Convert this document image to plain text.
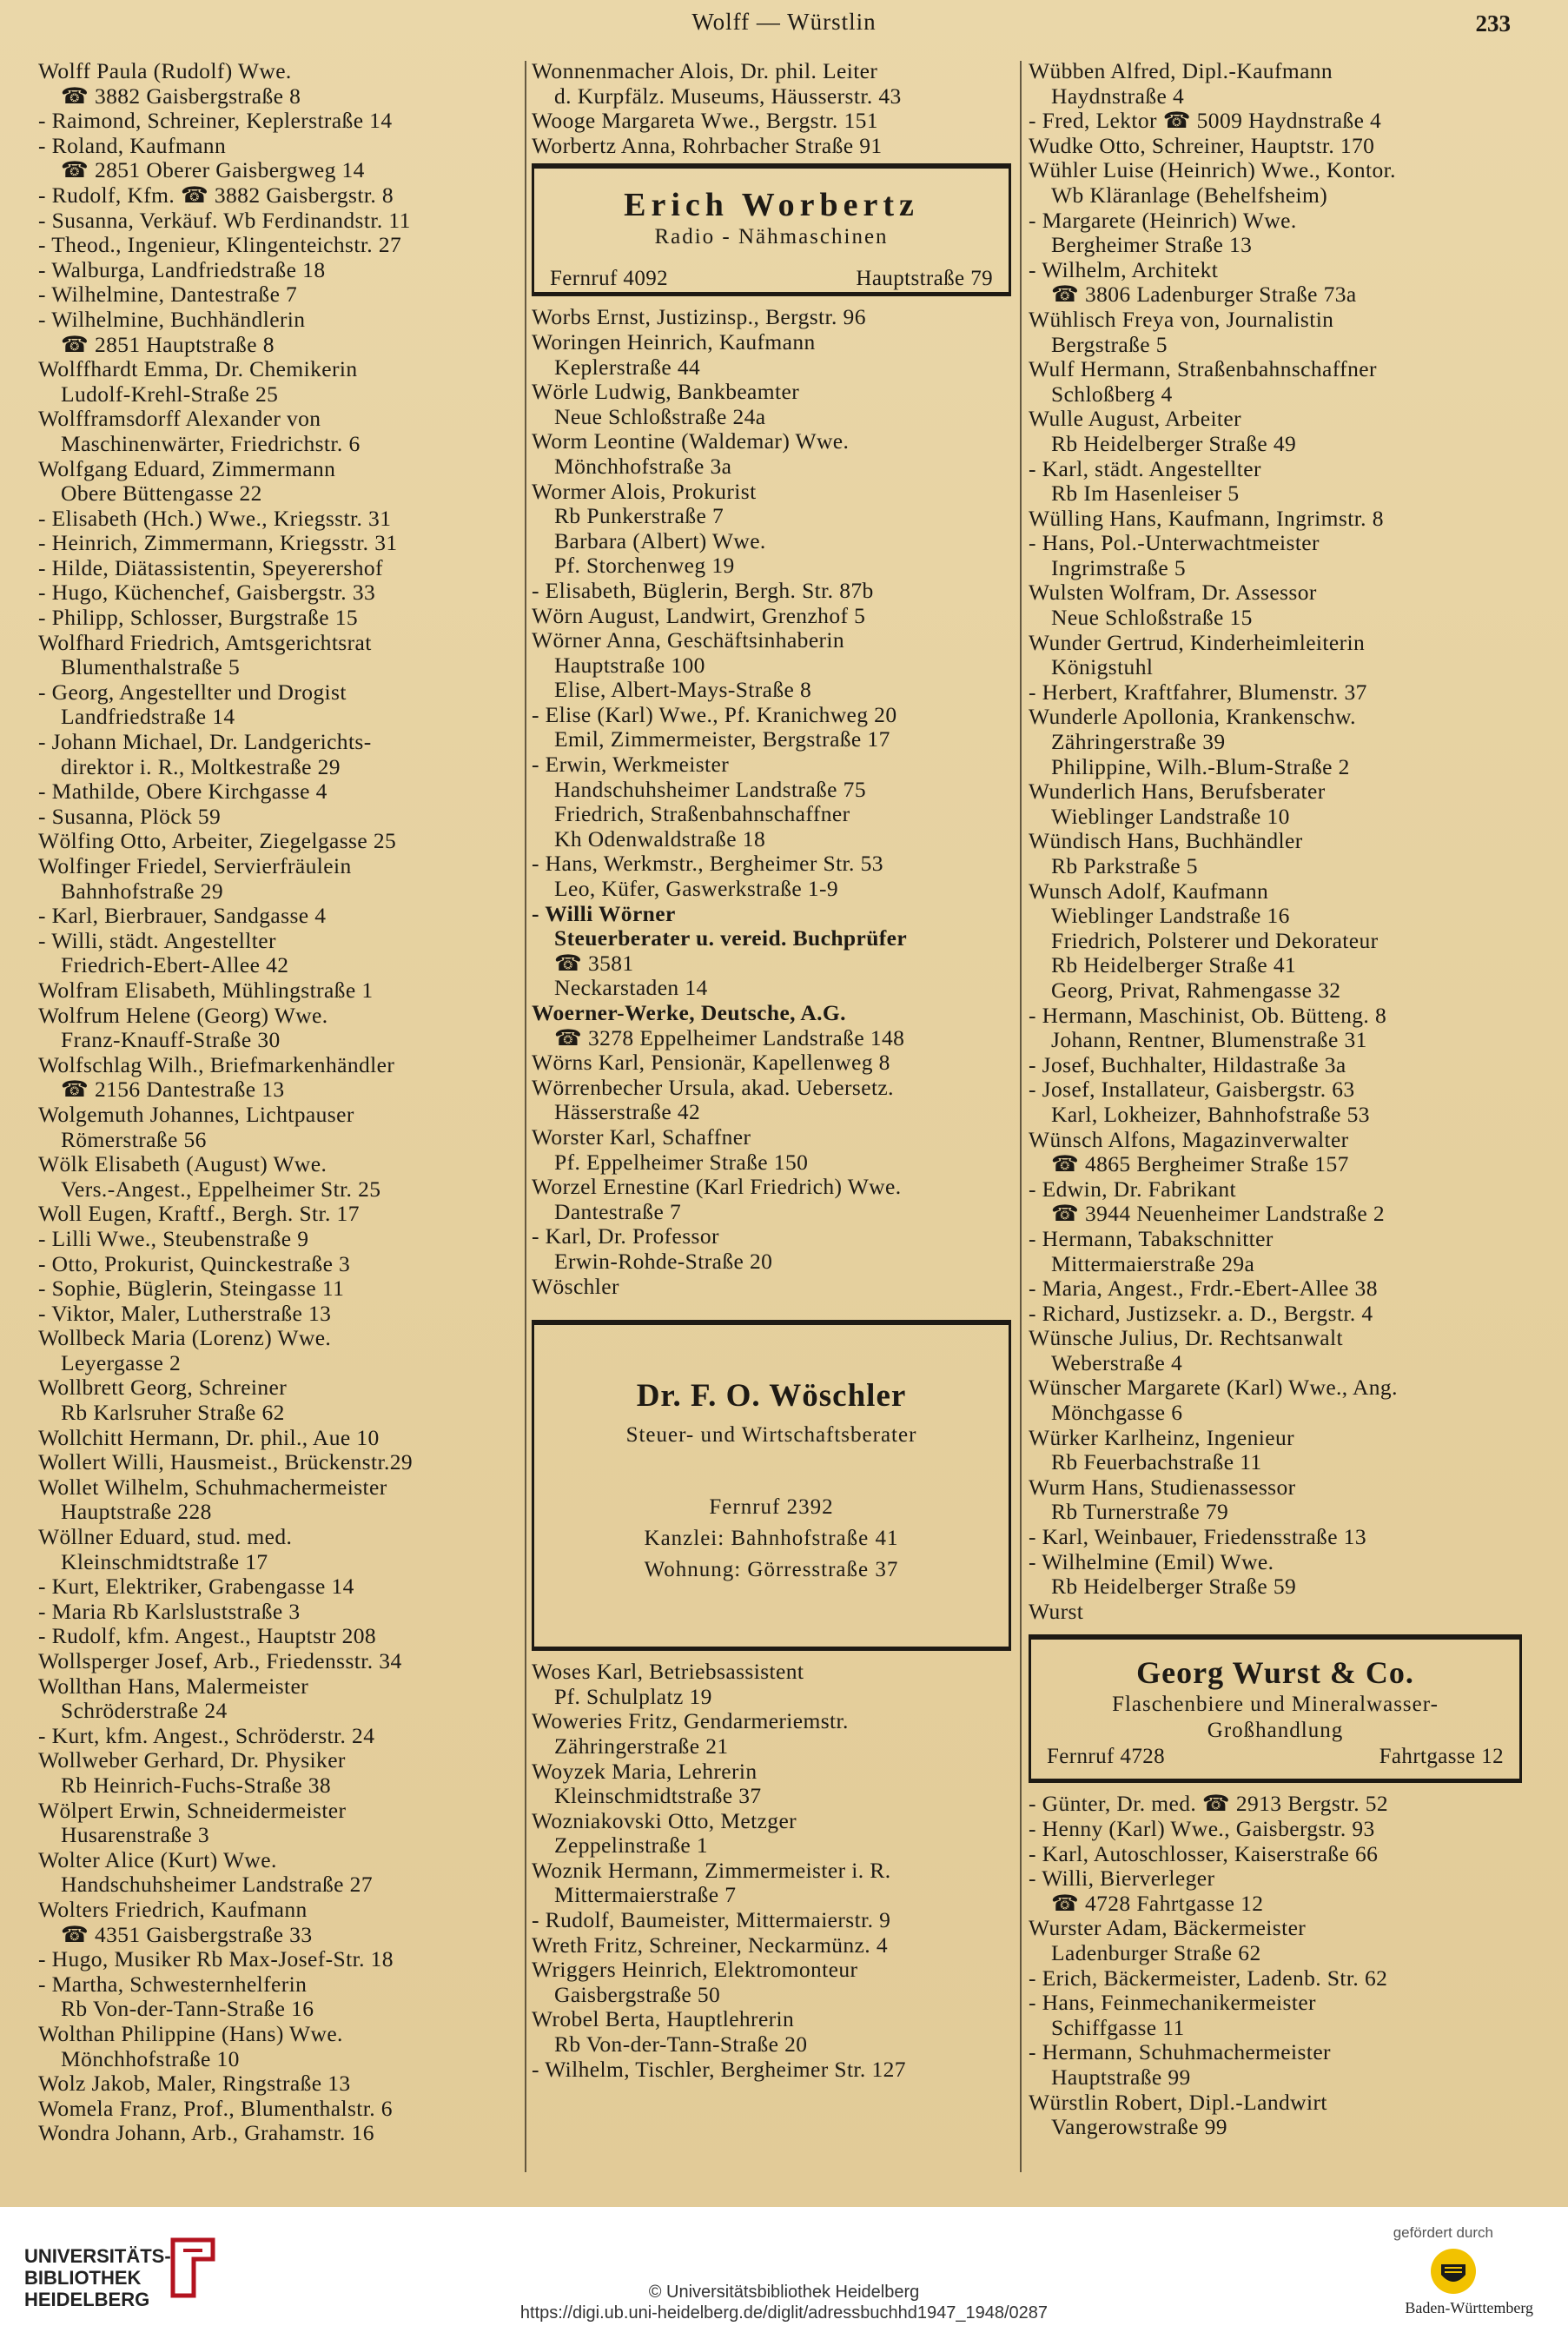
Wolff — Würstlin	233
Wolff Paula (Rudolf) Wwe.
☎ 3882 Gaisbergstraße 8
- Raimond, Schreiner, Keplerstraße 14
- Roland, Kaufmann
☎ 2851 Oberer Gaisbergweg 14
- Rudolf, Kfm. ☎ 3882 Gaisbergstr. 8
- Susanna, Verkäuf. Wb Ferdinandstr. 11
- Theod., Ingenieur, Klingenteichstr. 27
- Walburga, Landfriedstraße 18
- Wilhelmine, Dantestraße 7
- Wilhelmine, Buchhändlerin
☎ 2851 Hauptstraße 8
Wolffhardt Emma, Dr. Chemikerin
Ludolf-Krehl-Straße 25
Wolfframsdorff Alexander von
Maschinenwärter, Friedrichstr. 6
Wolfgang Eduard, Zimmermann
Obere Büttengasse 22
- Elisabeth (Hch.) Wwe., Kriegsstr. 31
- Heinrich, Zimmermann, Kriegsstr. 31
- Hilde, Diätassistentin, Speyerershof
- Hugo, Küchenchef, Gaisbergstr. 33
- Philipp, Schlosser, Burgstraße 15
Wolfhard Friedrich, Amtsgerichtsrat
Blumenthalstraße 5
- Georg, Angestellter und Drogist
Landfriedstraße 14
- Johann Michael, Dr. Landgerichts-
direktor i. R., Moltkestraße 29
- Mathilde, Obere Kirchgasse 4
- Susanna, Plöck 59
Wölfing Otto, Arbeiter, Ziegelgasse 25
Wolfinger Friedel, Servierfräulein
Bahnhofstraße 29
- Karl, Bierbrauer, Sandgasse 4
- Willi, städt. Angestellter
Friedrich-Ebert-Allee 42
Wolfram Elisabeth, Mühlingstraße 1
Wolfrum Helene (Georg) Wwe.
Franz-Knauff-Straße 30
Wolfschlag Wilh., Briefmarkenhändler
☎ 2156 Dantestraße 13
Wolgemuth Johannes, Lichtpauser
Römerstraße 56
Wölk Elisabeth (August) Wwe.
Vers.-Angest., Eppelheimer Str. 25
Woll Eugen, Kraftf., Bergh. Str. 17
- Lilli Wwe., Steubenstraße 9
- Otto, Prokurist, Quinckestraße 3
- Sophie, Büglerin, Steingasse 11
- Viktor, Maler, Lutherstraße 13
Wollbeck Maria (Lorenz) Wwe.
Leyergasse 2
Wollbrett Georg, Schreiner
Rb Karlsruher Straße 62
Wollchitt Hermann, Dr. phil., Aue 10
Wollert Willi, Hausmeist., Brückenstr.29
Wollet Wilhelm, Schuhmachermeister
Hauptstraße 228
Wöllner Eduard, stud. med.
Kleinschmidtstraße 17
- Kurt, Elektriker, Grabengasse 14
- Maria Rb Karlsluststraße 3
- Rudolf, kfm. Angest., Hauptstr 208
Wollsperger Josef, Arb., Friedensstr. 34
Wollthan Hans, Malermeister
Schröderstraße 24
- Kurt, kfm. Angest., Schröderstr. 24
Wollweber Gerhard, Dr. Physiker
Rb Heinrich-Fuchs-Straße 38
Wölpert Erwin, Schneidermeister
Husarenstraße 3
Wolter Alice (Kurt) Wwe.
Handschuhsheimer Landstraße 27
Wolters Friedrich, Kaufmann
☎ 4351 Gaisbergstraße 33
- Hugo, Musiker Rb Max-Josef-Str. 18
- Martha, Schwesternhelferin
Rb Von-der-Tann-Straße 16
Wolthan Philippine (Hans) Wwe.
Mönchhofstraße 10
Wolz Jakob, Maler, Ringstraße 13
Womela Franz, Prof., Blumenthalstr. 6
Wondra Johann, Arb., Grahamstr. 16
Wonnenmacher Alois, Dr. phil. Leiter
d. Kurpfälz. Museums, Häusserstr. 43
Wooge Margareta Wwe., Bergstr. 151
Worbertz Anna, Rohrbacher Straße 91
Erich Worbertz
Radio - Nähmaschinen
Fernruf 4092	Hauptstraße 79
Worbs Ernst, Justizinsp., Bergstr. 96
Woringen Heinrich, Kaufmann
Keplerstraße 44
Wörle Ludwig, Bankbeamter
Neue Schloßstraße 24a
Worm Leontine (Waldemar) Wwe.
Mönchhofstraße 3a
Wormer Alois, Prokurist
Rb Punkerstraße 7
Barbara (Albert) Wwe.
Pf. Storchenweg 19
- Elisabeth, Büglerin, Bergh. Str. 87b
Wörn August, Landwirt, Grenzhof 5
Wörner Anna, Geschäftsinhaberin
Hauptstraße 100
Elise, Albert-Mays-Straße 8
- Elise (Karl) Wwe., Pf. Kranichweg 20
Emil, Zimmermeister, Bergstraße 17
- Erwin, Werkmeister
Handschuhsheimer Landstraße 75
Friedrich, Straßenbahnschaffner
Kh Odenwaldstraße 18
- Hans, Werkmstr., Bergheimer Str. 53
Leo, Küfer, Gaswerkstraße 1-9
- Willi Wörner
Steuerberater u. vereid. Buchprüfer
☎ 3581
Neckarstaden 14
Woerner-Werke, Deutsche, A.G.
☎ 3278 Eppelheimer Landstraße 148
Wörns Karl, Pensionär, Kapellenweg 8
Wörrenbecher Ursula, akad. Uebersetz.
Hässerstraße 42
Worster Karl, Schaffner
Pf. Eppelheimer Straße 150
Worzel Ernestine (Karl Friedrich) Wwe.
Dantestraße 7
- Karl, Dr. Professor
Erwin-Rohde-Straße 20
Wöschler
Dr. F. O. Wöschler
Steuer- und Wirtschaftsberater
Fernruf 2392
Kanzlei: Bahnhofstraße 41
Wohnung: Görresstraße 37
Woses Karl, Betriebsassistent
Pf. Schulplatz 19
Woweries Fritz, Gendarmeriemstr.
Zähringerstraße 21
Woyzek Maria, Lehrerin
Kleinschmidtstraße 37
Wozniakovski Otto, Metzger
Zeppelinstraße 1
Woznik Hermann, Zimmermeister i. R.
Mittermaierstraße 7
- Rudolf, Baumeister, Mittermaierstr. 9
Wreth Fritz, Schreiner, Neckarmünz. 4
Wriggers Heinrich, Elektromonteur
Gaisbergstraße 50
Wrobel Berta, Hauptlehrerin
Rb Von-der-Tann-Straße 20
- Wilhelm, Tischler, Bergheimer Str. 127
Wübben Alfred, Dipl.-Kaufmann
Haydnstraße 4
- Fred, Lektor ☎ 5009 Haydnstraße 4
Wudke Otto, Schreiner, Hauptstr. 170
Wühler Luise (Heinrich) Wwe., Kontor.
Wb Kläranlage (Behelfsheim)
- Margarete (Heinrich) Wwe.
Bergheimer Straße 13
- Wilhelm, Architekt
☎ 3806 Ladenburger Straße 73a
Wühlisch Freya von, Journalistin
Bergstraße 5
Wulf Hermann, Straßenbahnschaffner
Schloßberg 4
Wulle August, Arbeiter
Rb Heidelberger Straße 49
- Karl, städt. Angestellter
Rb Im Hasenleiser 5
Wülling Hans, Kaufmann, Ingrimstr. 8
- Hans, Pol.-Unterwachtmeister
Ingrimstraße 5
Wulsten Wolfram, Dr. Assessor
Neue Schloßstraße 15
Wunder Gertrud, Kinderheimleiterin
Königstuhl
- Herbert, Kraftfahrer, Blumenstr. 37
Wunderle Apollonia, Krankenschw.
Zähringerstraße 39
Philippine, Wilh.-Blum-Straße 2
Wunderlich Hans, Berufsberater
Wieblinger Landstraße 10
Wündisch Hans, Buchhändler
Rb Parkstraße 5
Wunsch Adolf, Kaufmann
Wieblinger Landstraße 16
Friedrich, Polsterer und Dekorateur
Rb Heidelberger Straße 41
Georg, Privat, Rahmengasse 32
- Hermann, Maschinist, Ob. Bütteng. 8
Johann, Rentner, Blumenstraße 31
- Josef, Buchhalter, Hildastraße 3a
- Josef, Installateur, Gaisbergstr. 63
Karl, Lokheizer, Bahnhofstraße 53
Wünsch Alfons, Magazinverwalter
☎ 4865 Bergheimer Straße 157
- Edwin, Dr. Fabrikant
☎ 3944 Neuenheimer Landstraße 2
- Hermann, Tabakschnitter
Mittermaierstraße 29a
- Maria, Angest., Frdr.-Ebert-Allee 38
- Richard, Justizsekr. a. D., Bergstr. 4
Wünsche Julius, Dr. Rechtsanwalt
Weberstraße 4
Wünscher Margarete (Karl) Wwe., Ang.
Mönchgasse 6
Würker Karlheinz, Ingenieur
Rb Feuerbachstraße 11
Wurm Hans, Studienassessor
Rb Turnerstraße 79
- Karl, Weinbauer, Friedensstraße 13
- Wilhelmine (Emil) Wwe.
Rb Heidelberger Straße 59
Wurst
Georg Wurst & Co.
Flaschenbiere und Mineralwasser-
Großhandlung
Fernruf 4728	Fahrtgasse 12
- Günter, Dr. med. ☎ 2913 Bergstr. 52
- Henny (Karl) Wwe., Gaisbergstr. 93
- Karl, Autoschlosser, Kaiserstraße 66
- Willi, Bierverleger
☎ 4728 Fahrtgasse 12
Wurster Adam, Bäckermeister
Ladenburger Straße 62
- Erich, Bäckermeister, Ladenb. Str. 62
- Hans, Feinmechanikermeister
Schiffgasse 11
- Hermann, Schuhmachermeister
Hauptstraße 99
Würstlin Robert, Dipl.-Landwirt
Vangerowstraße 99
UNIVERSITÄTS-
BIBLIOTHEK
HEIDELBERG	© Universitätsbibliothek Heidelberg
https://digi.ub.uni-heidelberg.de/diglit/adressbuchhd1947_1948/0287
gefördert durch
Baden-Württemberg
